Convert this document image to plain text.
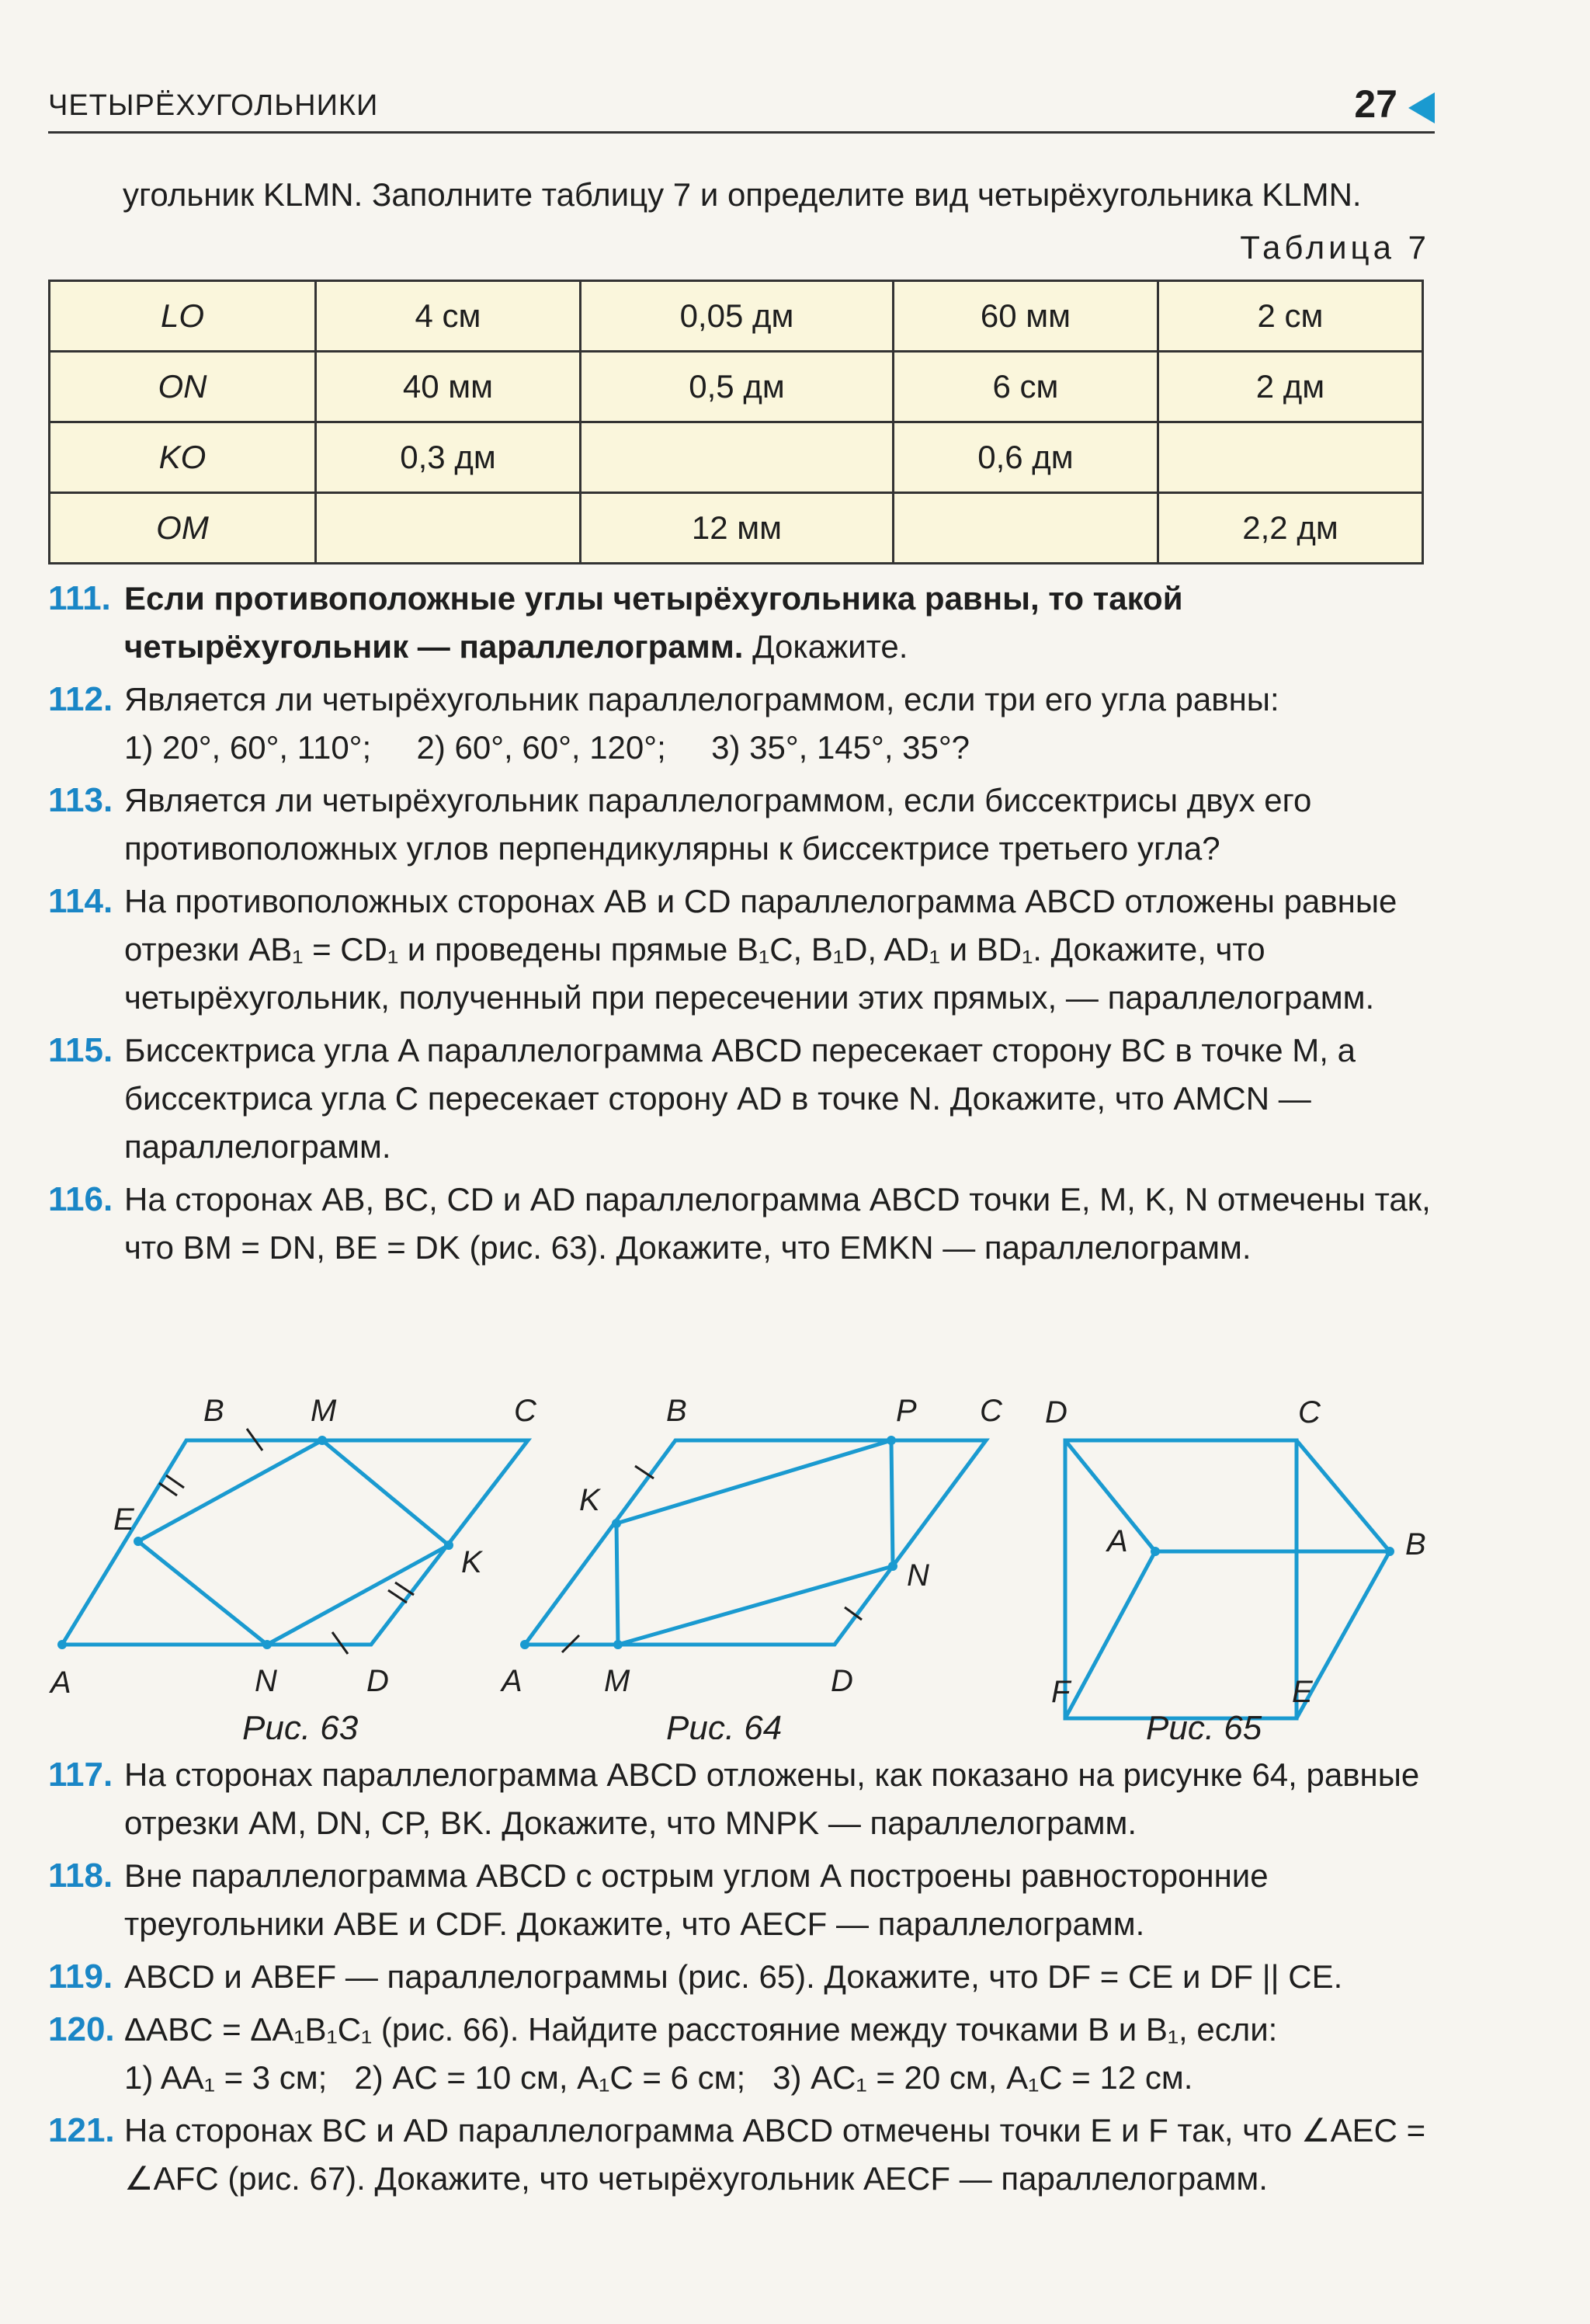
ЧЕТЫРЁХУГОЛЬНИКИ	27
угольник KLMN. Заполните таблицу 7 и определите вид четырёхугольника KLMN.
Таблица 7
LO	4 см	0,05 дм	60 мм	2 см
ON	40 мм	0,5 дм	6 см	2 дм
KO	0,3 дм		0,6 дм	
OM		12 мм		2,2 дм
111. Если противоположные углы четырёхугольника равны, то такой четырёхугольник — параллелограмм. Докажите.
112. Является ли четырёхугольник параллелограммом, если три его угла равны:
1) 20°, 60°, 110°;     2) 60°, 60°, 120°;     3) 35°, 145°, 35°?
113. Является ли четырёхугольник параллелограммом, если биссектрисы двух его противоположных углов перпендикулярны к биссектрисе третьего угла?
114. На противоположных сторонах AB и CD параллелограмма ABCD отложены равные отрезки AB₁ = CD₁ и проведены прямые B₁C, B₁D, AD₁ и BD₁. Докажите, что четырёхугольник, полученный при пересечении этих прямых, — параллелограмм.
115. Биссектриса угла A параллелограмма ABCD пересекает сторону BC в точке M, а биссектриса угла C пересекает сторону AD в точке N. Докажите, что AMCN — параллелограмм.
116. На сторонах AB, BC, CD и AD параллелограмма ABCD точки E, M, K, N отмечены так, что BM = DN, BE = DK (рис. 63). Докажите, что EMKN — параллелограмм.
A
B	M	C
E
K
N	D
Рис. 63
A
B	P C
K
N
M	D
Рис. 64
D	C
A	B
F	E
Рис. 65
117. На сторонах параллелограмма ABCD отложены, как показано на рисунке 64, равные отрезки AM, DN, CP, BK. Докажите, что MNPK — параллелограмм.
118. Вне параллелограмма ABCD с острым углом A построены равносторонние треугольники ABE и CDF. Докажите, что AECF — параллелограмм.
119. ABCD и ABEF — параллелограммы (рис. 65). Докажите, что DF = CE и DF || CE.
120. ΔABC = ΔA₁B₁C₁ (рис. 66). Найдите расстояние между точками B и B₁, если:
1) AA₁ = 3 см;   2) AC = 10 см, A₁C = 6 см;   3) AC₁ = 20 см, A₁C = 12 см.
121. На сторонах BC и AD параллелограмма ABCD отмечены точки E и F так, что ∠AEC = ∠AFC (рис. 67). Докажите, что четырёхугольник AECF — параллелограмм.
